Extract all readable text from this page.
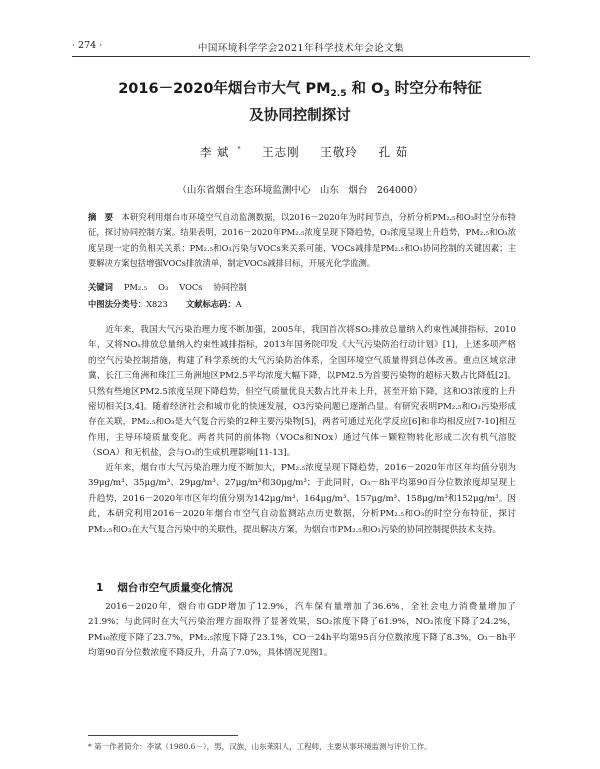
· 274 ·	中国环境科学学会2021年科学技术年会论文集
2016－2020年烟台市大气 $PM_{2.5}$ 和 $O_3$ 时空分布特征
及协同控制探讨
李 斌 * 王志刚 王敬玲 孔 茹
（山东省烟台生态环境监测中心　山东　烟台　264000）
摘　要　 本研究利用烟台市环境空气自动监测数据，以2016－2020年为时间节点，分析分析PM₂.₅和O₃时空分布特征，探讨协同控制方案。结果表明，2016－2020年PM₂.₅浓度呈现下降趋势，O₃浓度呈现上升趋势，PM₂.₅和O₃浓度呈现一定的负相关关系；PM₂.₅和O₃污染与VOCs来关系可能，VOCs减排是PM₂.₅和O₃协同控制的关键因素；主要解决方案包括增强VOCs排放清单，制定VOCs减排目标，开展光化学监测。
关键词　 PM₂.₅　 O₃　 VOCs　 协同控制
中图法分类号：X823 文献标志码：A

近年来，我国大气污染治理力度不断加强，2005年，我国首次将SO₂排放总量纳入约束性减排指标，2010年，又将NOₓ排放总量纳入约束性减排指标，2013年国务院印发《大气污染防治行动计划》[1]，上述多项严格的空气污染控制措施，构建了科学系统的大气污染防治体系，全国环境空气质量得到总体改善。重点区域京津冀、长江三角洲和珠江三角洲地区PM2.5平均浓度大幅下降，以PM2.5为首要污染物的超标天数占比降低[2]。只然有些地区PM2.5浓度呈现下降趋势，但空气质量优良天数占比并未上升，甚至开始下降，这和O3浓度的上升密切相关[3,4]。随着经济社会和城市化的快速发展，O3污染问题已逐渐凸显。有研究表明PM₂.₅和O₃污染形成存在关联，PM₂.₅和O₃是大气复合污染的2种主要污染物[5]，两者可通过光化学反应[6]和非均相反应[7-10]相互作用，主导环境质量变化。两者共同的前体物（VOCs和NOx）通过气体－颗粒物转化形成二次有机气溶胶（SOA）和无机盐，会与O₃的生成机理影响[11-13]。

近年来，烟台市大气污染治理力度不断加大，PM₂.₅浓度呈现下降趋势，2016－2020年市区年均值分别为39μg/m³、35μg/m³、29μg/m³、27μg/m³和30μg/m³；于此同时，O₃－8h平均第90百分位数浓度却呈现上升趋势，2016－2020年市区年均值分别为142μg/m³、164μg/m³、157μg/m³、158μg/m³和152μg/m³。因此，本研究利用2016－2020年烟台市空气自动监测站点历史数据，分析PM₂.₅和O₃的时空分布特征，探讨PM₂.₅和O₃在大气复合污染中的关联性，提出解决方案，为烟台市PM₂.₅和O₃污染的协同控制提供技术支持。

1 烟台市空气质量变化情况

2016－2020年，烟台市GDP增加了12.9%，汽车保有量增加了36.6%，全社会电力消费量增加了21.9%；与此同时在大气污染治理方面取得了显著效果，SO₂浓度下降了61.9%，NO₂浓度下降了24.2%，PM₁₀浓度下降了23.7%，PM₂.₅浓度下降了23.1%，CO－24h平均第95百分位数浓度下降了8.3%，O₃－8h平均第90百分位数浓度不降反升，升高了7.0%，具体情况见图1。

* 第一作者简介：李斌（1980.6－），男，汉族，山东莱阳人，工程师，主要从事环境监测与评价工作。
